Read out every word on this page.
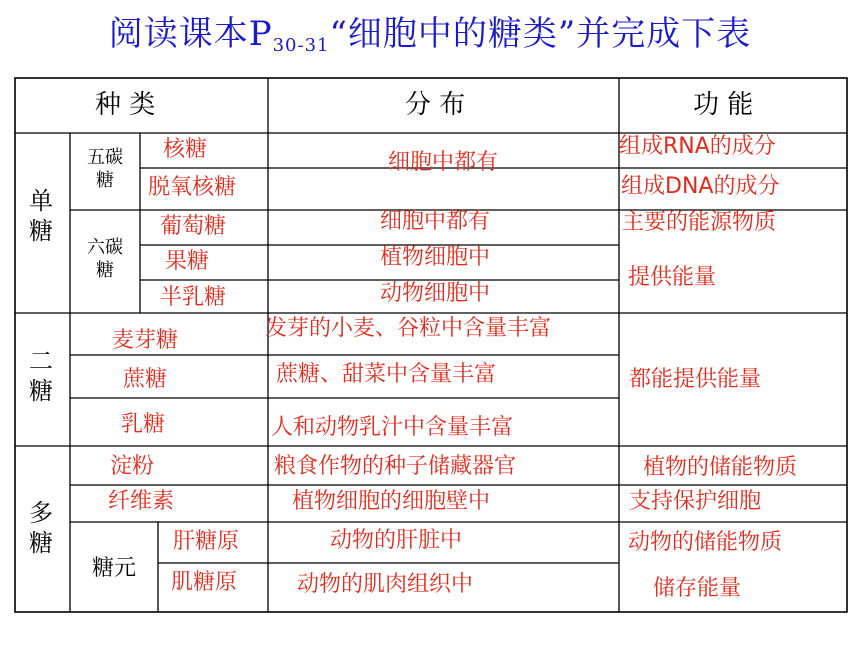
阅读课本$P_{30-31}“$细胞中的糖类”并完成下表
种 类	分 布	功 能
单糖
二糖
多糖
五碳糖
六碳糖
糖元
核糖
脱氧核糖
葡萄糖
果糖
半乳糖
麦芽糖
蔗糖
乳糖
淀粉
纤维素
肝糖原
肌糖原
细胞中都有
细胞中都有
植物细胞中
动物细胞中
发芽的小麦、谷粒中含量丰富
蔗糖、甜菜中含量丰富
人和动物乳汁中含量丰富
粮食作物的种子储藏器官
植物细胞的细胞壁中
动物的肝脏中
动物的肌肉组织中
组成RNA的成分
组成DNA的成分
主要的能源物质
提供能量
都能提供能量
植物的储能物质
支持保护细胞
动物的储能物质
储存能量
